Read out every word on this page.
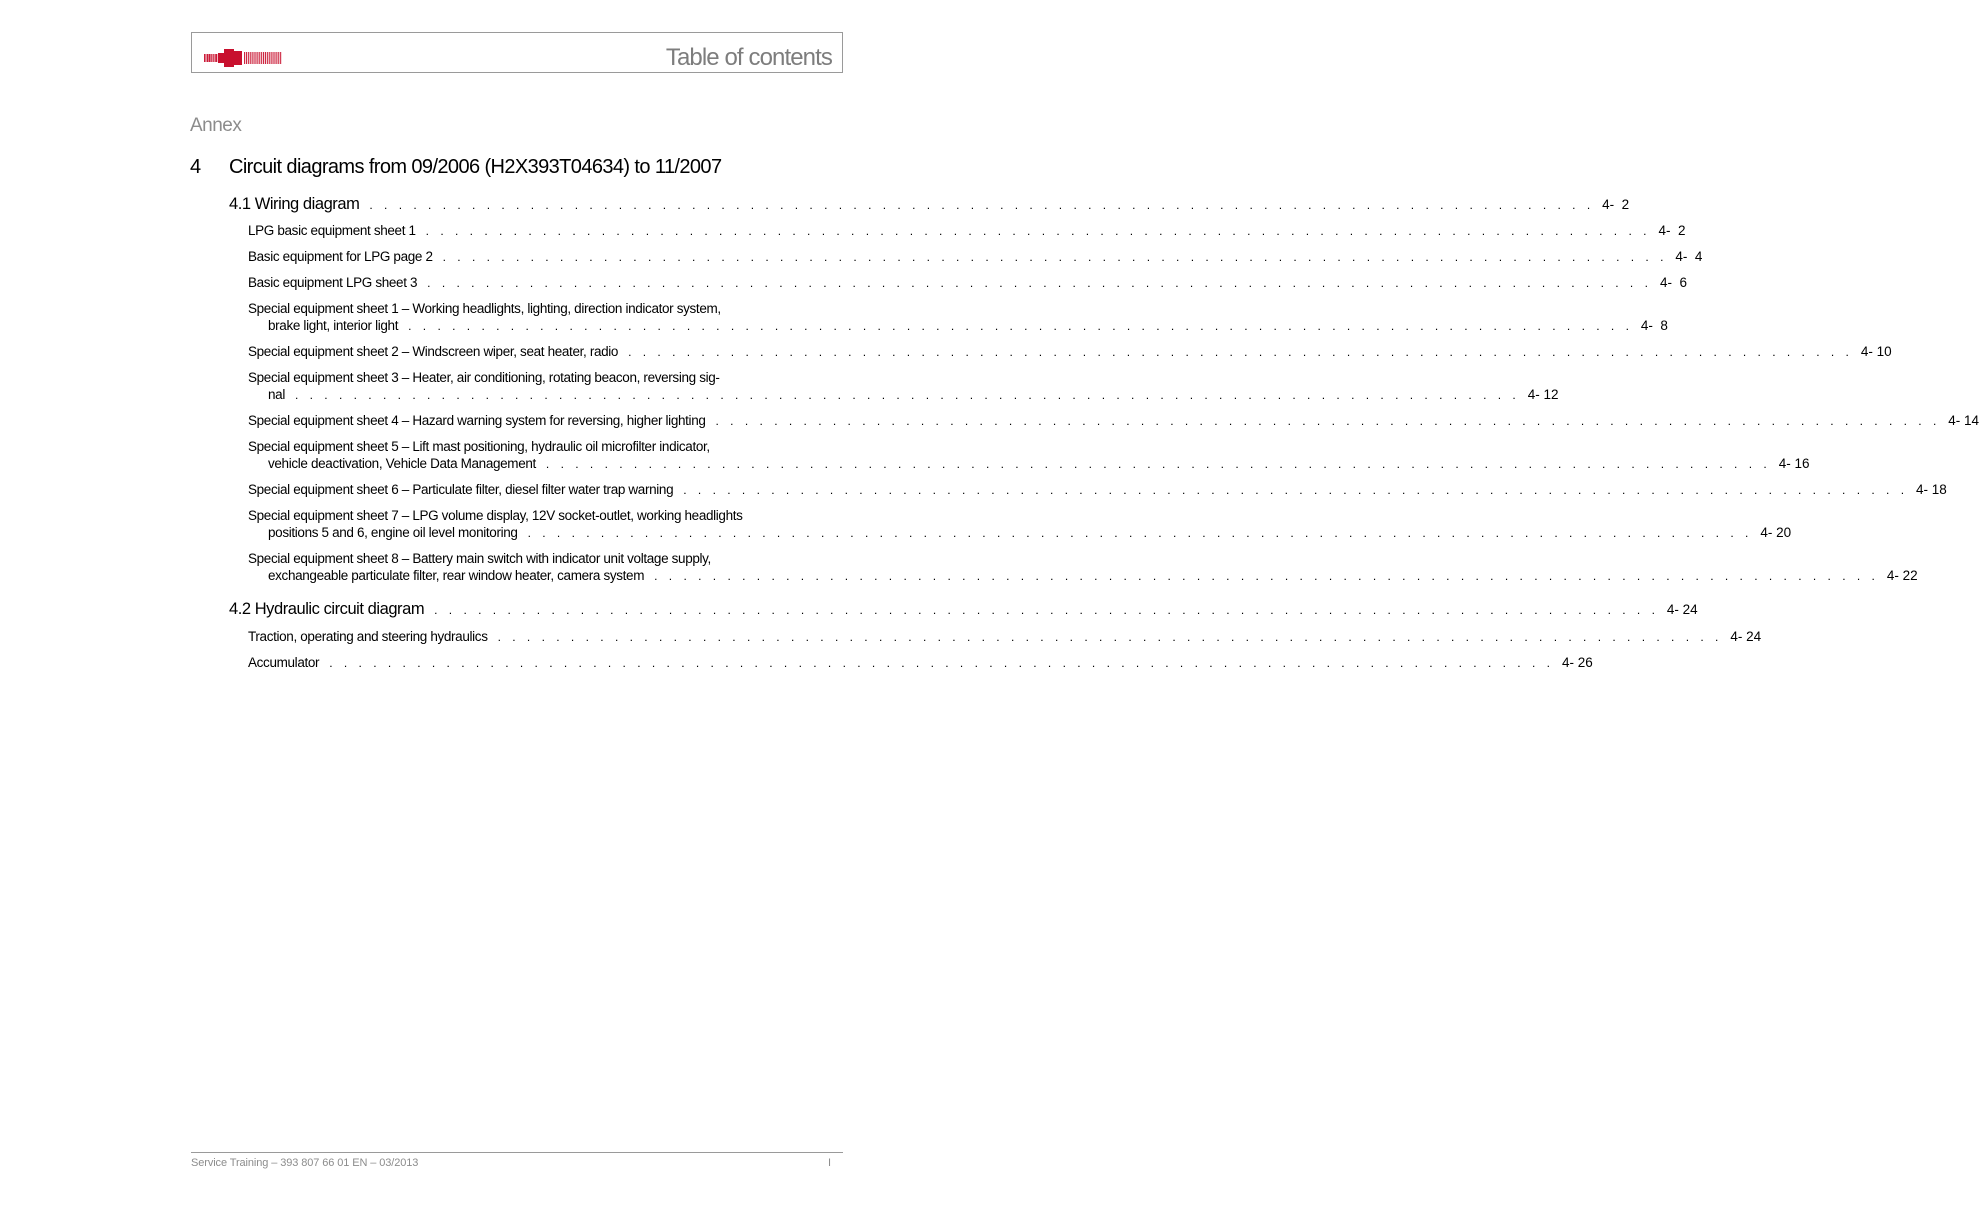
Table of contents
Annex
4 Circuit diagrams from 09/2006 (H2X393T04634) to 11/2007
4.1 Wiring diagram . . . . . . . . . . . . . . . . . . . . . . . . . . . . . . . . . . . . . . . . . . . . . . . . . . . . . . . . . . . . . . . . . . . . . . . . . . . . . . . . . . . . 4-  2
LPG basic equipment sheet 1 . . . . . . . . . . . . . . . . . . . . . . . . . . . . . . . . . . . . . . . . . . . . . . . . . . . . . . . . . . . . . . . . . . . . . . . . . . . . . . . . . . . . 4-  2
Basic equipment for LPG page 2 . . . . . . . . . . . . . . . . . . . . . . . . . . . . . . . . . . . . . . . . . . . . . . . . . . . . . . . . . . . . . . . . . . . . . . . . . . . . . . . . . . . . 4-  4
Basic equipment LPG sheet 3 . . . . . . . . . . . . . . . . . . . . . . . . . . . . . . . . . . . . . . . . . . . . . . . . . . . . . . . . . . . . . . . . . . . . . . . . . . . . . . . . . . . . 4-  6
Special equipment sheet 1 – Working headlights, lighting, direction indicator system,
brake light, interior light . . . . . . . . . . . . . . . . . . . . . . . . . . . . . . . . . . . . . . . . . . . . . . . . . . . . . . . . . . . . . . . . . . . . . . . . . . . . . . . . . . . . 4-  8
Special equipment sheet 2 – Windscreen wiper, seat heater, radio . . . . . . . . . . . . . . . . . . . . . . . . . . . . . . . . . . . . . . . . . . . . . . . . . . . . . . . . . . . . . . . . . . . . . . . . . . . . . . . . . . . . 4- 10
Special equipment sheet 3 – Heater, air conditioning, rotating beacon, reversing sig-
nal . . . . . . . . . . . . . . . . . . . . . . . . . . . . . . . . . . . . . . . . . . . . . . . . . . . . . . . . . . . . . . . . . . . . . . . . . . . . . . . . . . . . 4- 12
Special equipment sheet 4 – Hazard warning system for reversing, higher lighting . . . . . . . . . . . . . . . . . . . . . . . . . . . . . . . . . . . . . . . . . . . . . . . . . . . . . . . . . . . . . . . . . . . . . . . . . . . . . . . . . . . . 4- 14
Special equipment sheet 5 – Lift mast positioning, hydraulic oil microfilter indicator,
vehicle deactivation, Vehicle Data Management . . . . . . . . . . . . . . . . . . . . . . . . . . . . . . . . . . . . . . . . . . . . . . . . . . . . . . . . . . . . . . . . . . . . . . . . . . . . . . . . . . . . 4- 16
Special equipment sheet 6 – Particulate filter, diesel filter water trap warning . . . . . . . . . . . . . . . . . . . . . . . . . . . . . . . . . . . . . . . . . . . . . . . . . . . . . . . . . . . . . . . . . . . . . . . . . . . . . . . . . . . . 4- 18
Special equipment sheet 7 – LPG volume display, 12V socket-outlet, working headlights
positions 5 and 6, engine oil level monitoring . . . . . . . . . . . . . . . . . . . . . . . . . . . . . . . . . . . . . . . . . . . . . . . . . . . . . . . . . . . . . . . . . . . . . . . . . . . . . . . . . . . . 4- 20
Special equipment sheet 8 – Battery main switch with indicator unit voltage supply,
exchangeable particulate filter, rear window heater, camera system . . . . . . . . . . . . . . . . . . . . . . . . . . . . . . . . . . . . . . . . . . . . . . . . . . . . . . . . . . . . . . . . . . . . . . . . . . . . . . . . . . . . 4- 22
4.2 Hydraulic circuit diagram . . . . . . . . . . . . . . . . . . . . . . . . . . . . . . . . . . . . . . . . . . . . . . . . . . . . . . . . . . . . . . . . . . . . . . . . . . . . . . . . . . . . 4- 24
Traction, operating and steering hydraulics . . . . . . . . . . . . . . . . . . . . . . . . . . . . . . . . . . . . . . . . . . . . . . . . . . . . . . . . . . . . . . . . . . . . . . . . . . . . . . . . . . . . 4- 24
Accumulator . . . . . . . . . . . . . . . . . . . . . . . . . . . . . . . . . . . . . . . . . . . . . . . . . . . . . . . . . . . . . . . . . . . . . . . . . . . . . . . . . . . . 4- 26
Service Training – 393 807 66 01 EN – 03/2013	I
